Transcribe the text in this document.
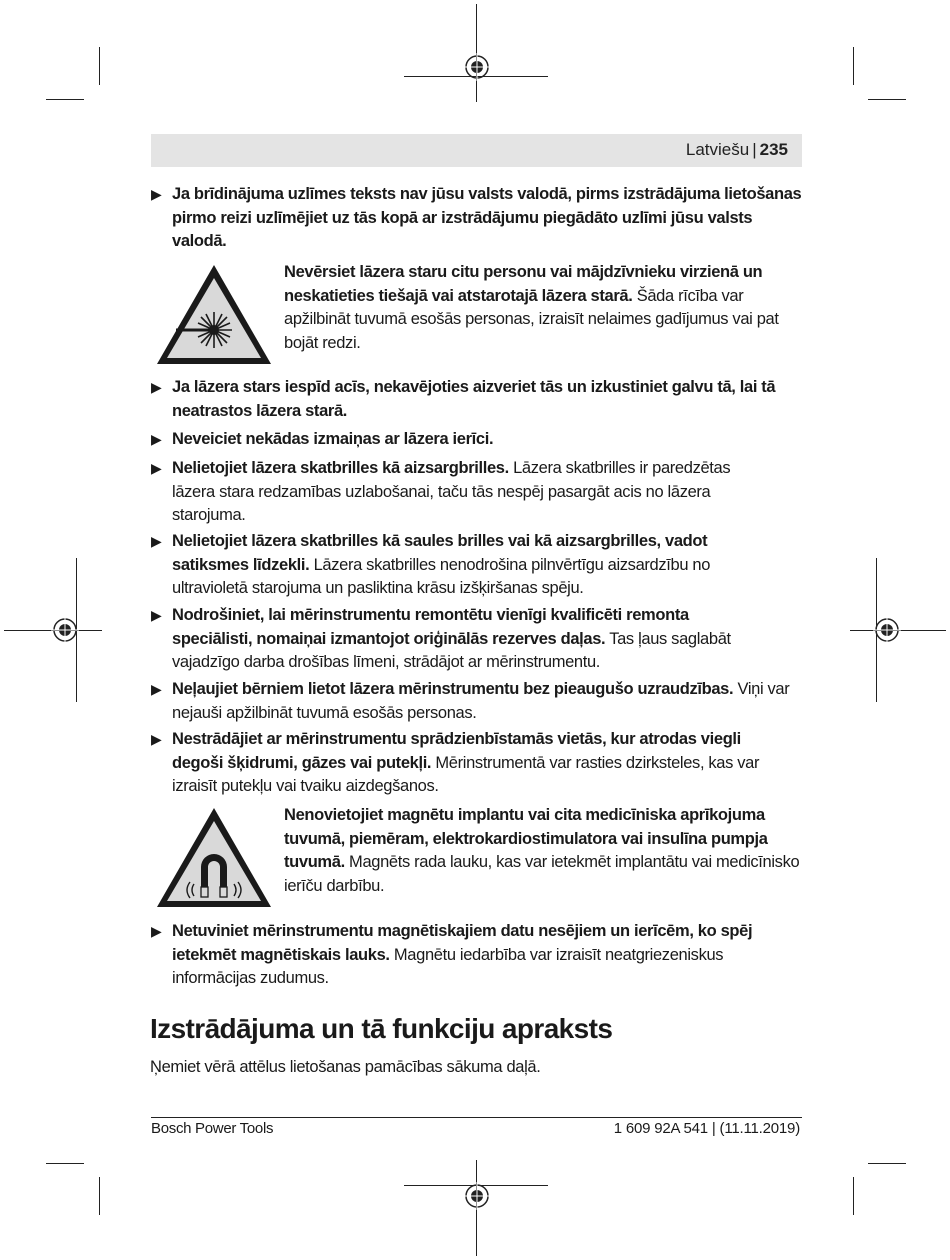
Latviešu | 235
▶ Ja brīdinājuma uzlīmes teksts nav jūsu valsts valodā, pirms izstrādājuma lietošanas pirmo reizi uzlīmējiet uz tās kopā ar izstrādājumu piegādāto uzlīmi jūsu valsts valodā.
Nevērsiet lāzera staru citu personu vai mājdzīvnieku virzienā un neskatieties tiešajā vai atstarotajā lāzera starā. Šāda rīcība var apžilbināt tuvumā esošās personas, izraisīt nelaimes gadījumus vai pat bojāt redzi.
▶ Ja lāzera stars iespīd acīs, nekavējoties aizveriet tās un izkustiniet galvu tā, lai tā neatrastos lāzera starā.
▶ Neveiciet nekādas izmaiņas ar lāzera ierīci.
▶ Nelietojiet lāzera skatbrilles kā aizsargbrilles. Lāzera skatbrilles ir paredzētas lāzera stara redzamības uzlabošanai, taču tās nespēj pasargāt acis no lāzera starojuma.
▶ Nelietojiet lāzera skatbrilles kā saules brilles vai kā aizsargbrilles, vadot satiksmes līdzekli. Lāzera skatbrilles nenodrošina pilnvērtīgu aizsardzību no ultravioletā starojuma un pasliktina krāsu izšķiršanas spēju.
▶ Nodrošiniet, lai mērinstrumentu remontētu vienīgi kvalificēti remonta speciālisti, nomaiņai izmantojot oriģinālās rezerves daļas. Tas ļaus saglabāt vajadzīgo darba drošības līmeni, strādājot ar mērinstrumentu.
▶ Neļaujiet bērniem lietot lāzera mērinstrumentu bez pieaugušo uzraudzības. Viņi var nejauši apžilbināt tuvumā esošās personas.
▶ Nestrādājiet ar mērinstrumentu sprādzienbīstamās vietās, kur atrodas viegli degoši šķidrumi, gāzes vai putekļi. Mērinstrumentā var rasties dzirksteles, kas var izraisīt putekļu vai tvaiku aizdegšanos.
Nenovietojiet magnētu implantu vai cita medicīniska aprīkojuma tuvumā, piemēram, elektrokardiostimulatora vai insulīna pumpja tuvumā. Magnēts rada lauku, kas var ietekmēt implantātu vai medicīnisko ierīču darbību.
▶ Netuviniet mērinstrumentu magnētiskajiem datu nesējiem un ierīcēm, ko spēj ietekmēt magnētiskais lauks. Magnētu iedarbība var izraisīt neatgriezeniskus informācijas zudumus.
Izstrādājuma un tā funkciju apraksts
Ņemiet vērā attēlus lietošanas pamācības sākuma daļā.
Bosch Power Tools	1 609 92A 541 | (11.11.2019)
